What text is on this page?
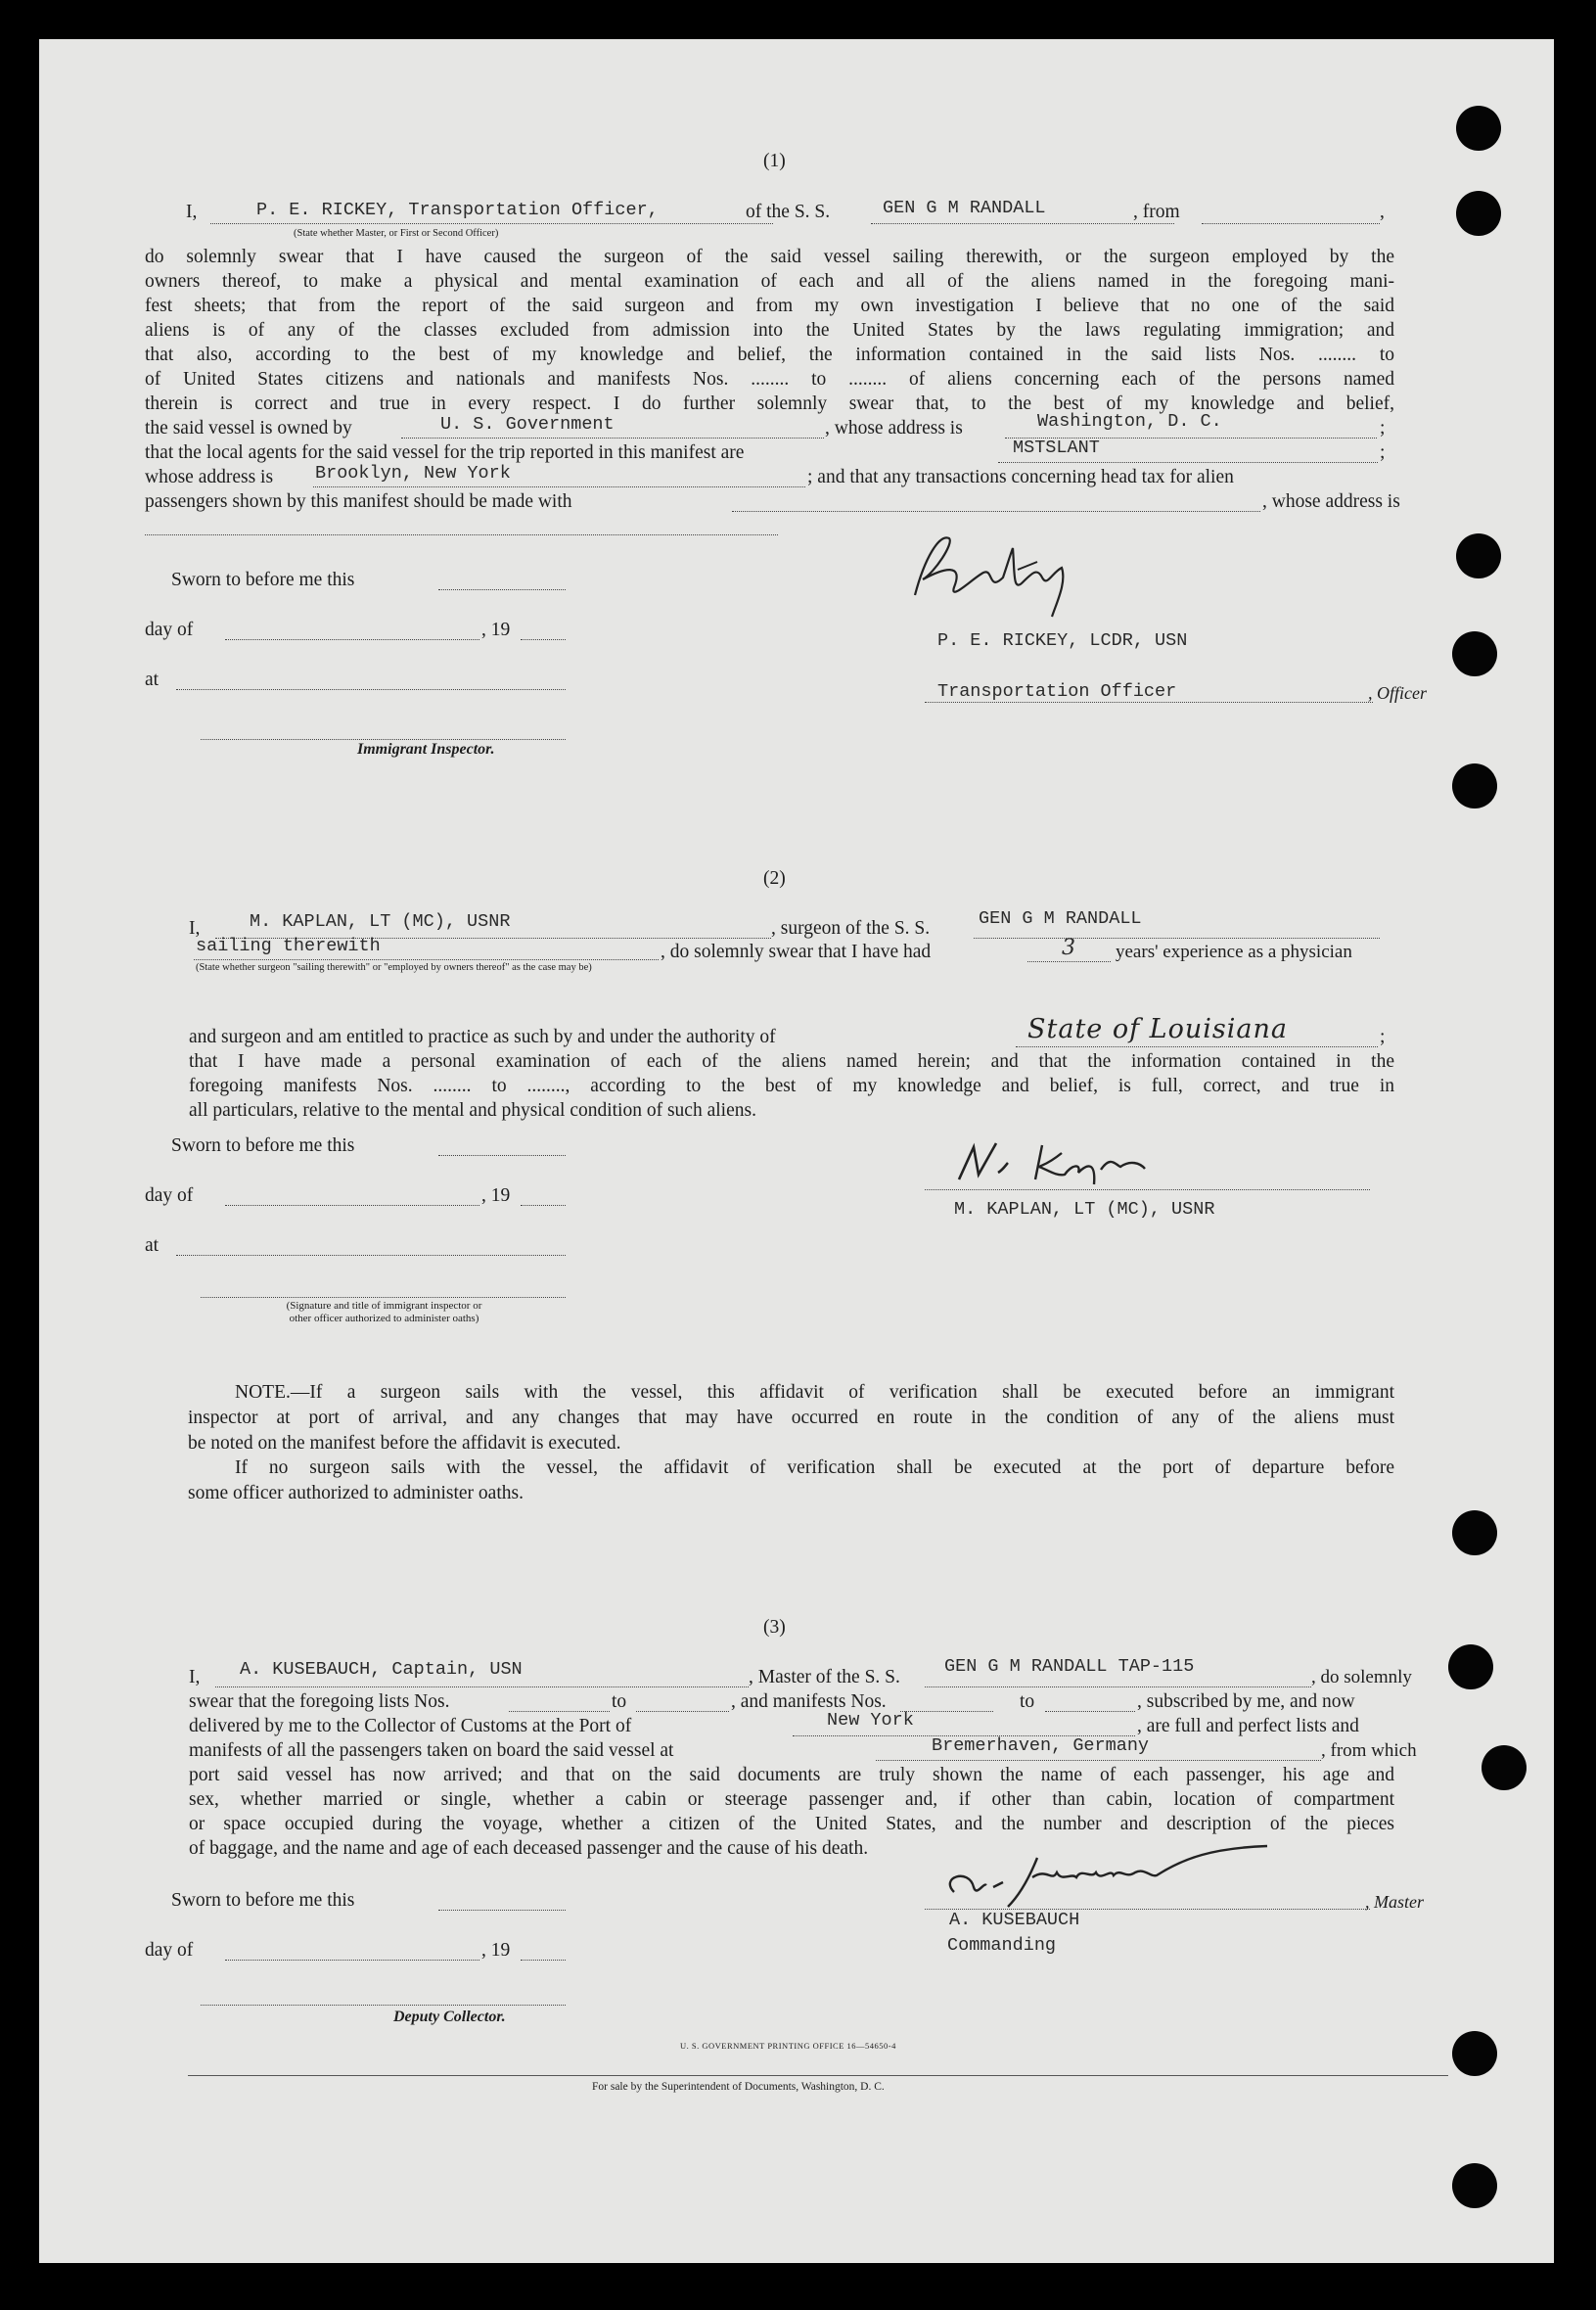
(1)
I,	P. E. RICKEY, Transportation Officer,	of the S. S.	GEN G M RANDALL	, from	,
(State whether Master, or First or Second Officer)
do solemnly swear that I have caused the surgeon of the said vessel sailing therewith, or the surgeon employed by the
owners thereof, to make a physical and mental examination of each and all of the aliens named in the foregoing mani-
fest sheets; that from the report of the said surgeon and from my own investigation I believe that no one of the said
aliens is of any of the classes excluded from admission into the United States by the laws regulating immigration; and
that also, according to the best of my knowledge and belief, the information contained in the said lists Nos. ........ to
of United States citizens and nationals and manifests Nos. ........ to ........ of aliens concerning each of the persons named
therein is correct and true in every respect. I do further solemnly swear that, to the best of my knowledge and belief,
the said vessel is owned by	U. S. Government	, whose address is	Washington, D. C.	;
that the local agents for the said vessel for the trip reported in this manifest are	MSTSLANT	;
whose address is Brooklyn, New York	; and that any transactions concerning head tax for alien
passengers shown by this manifest should be made with	, whose address is
Sworn to before me this
day of	, 19
at
Immigrant Inspector.
P. E. RICKEY, LCDR, USN
Transportation Officer	, Officer
(2)
I,	M. KAPLAN, LT (MC), USNR	, surgeon of the S. S.	GEN G M RANDALL
sailing therewith	, do solemnly swear that I have had	3 years' experience as a physician
(State whether surgeon "sailing therewith" or "employed by owners thereof" as the case may be)
and surgeon and am entitled to practice as such by and under the authority of	State of Louisiana	;
that I have made a personal examination of each of the aliens named herein; and that the information contained in the
foregoing manifests Nos. ........ to ........, according to the best of my knowledge and belief, is full, correct, and true in
all particulars, relative to the mental and physical condition of such aliens.
Sworn to before me this
day of	, 19
at
(Signature and title of immigrant inspector or
other officer authorized to administer oaths)
M. KAPLAN, LT (MC), USNR
NOTE.—If a surgeon sails with the vessel, this affidavit of verification shall be executed before an immigrant
inspector at port of arrival, and any changes that may have occurred en route in the condition of any of the aliens must
be noted on the manifest before the affidavit is executed.
If no surgeon sails with the vessel, the affidavit of verification shall be executed at the port of departure before
some officer authorized to administer oaths.
(3)
I, A. KUSEBAUCH, Captain, USN	, Master of the S. S.
GEN G M RANDALL TAP-115
, do solemnly
swear that the foregoing lists Nos.	to	, and manifests Nos.	to	, subscribed by me, and now
delivered by me to the Collector of Customs at the Port of	New York	, are full and perfect lists and
manifests of all the passengers taken on board the said vessel at	Bremerhaven, Germany	, from which
port said vessel has now arrived; and that on the said documents are truly shown the name of each passenger, his age and
sex, whether married or single, whether a cabin or steerage passenger and, if other than cabin, location of compartment
or space occupied during the voyage, whether a citizen of the United States, and the number and description of the pieces
of baggage, and the name and age of each deceased passenger and the cause of his death.
Sworn to before me this
day of	, 19
Deputy Collector.
, Master
A. KUSEBAUCH
Commanding
U. S. GOVERNMENT PRINTING OFFICE 16—54650-4
For sale by the Superintendent of Documents, Washington, D. C.
